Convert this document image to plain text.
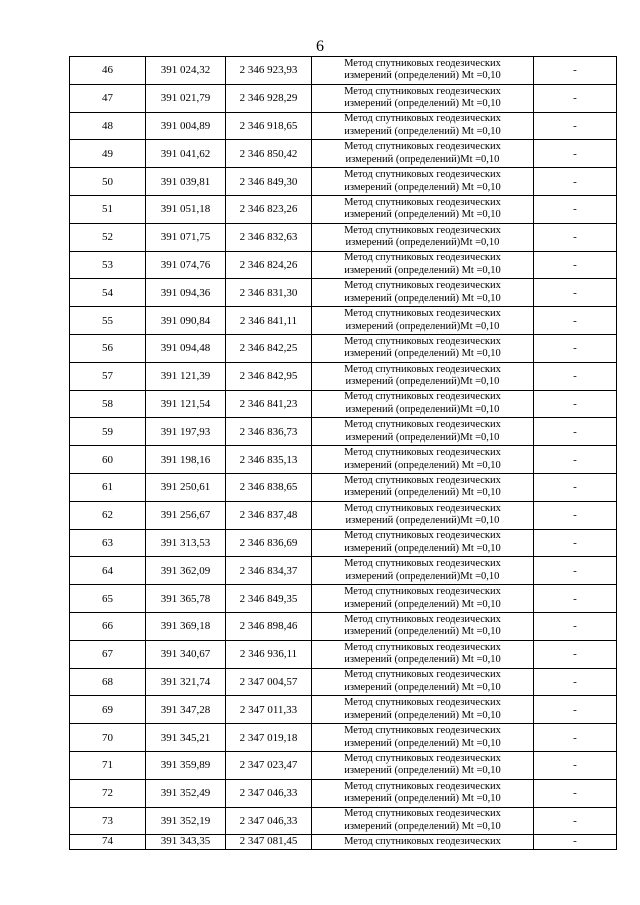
6
46	391 024,32	2 346 923,93	Метод спутниковых геодезических
измерений (определений) Mt =0,10	-
47	391 021,79	2 346 928,29	Метод спутниковых геодезических
измерений (определений) Mt =0,10	-
48	391 004,89	2 346 918,65	Метод спутниковых геодезических
измерений (определений) Mt =0,10	-
49	391 041,62	2 346 850,42	Метод спутниковых геодезических
измерений (определений)Mt =0,10	-
50	391 039,81	2 346 849,30	Метод спутниковых геодезических
измерений (определений) Mt =0,10	-
51	391 051,18	2 346 823,26	Метод спутниковых геодезических
измерений (определений) Mt =0,10	-
52	391 071,75	2 346 832,63	Метод спутниковых геодезических
измерений (определений)Mt =0,10	-
53	391 074,76	2 346 824,26	Метод спутниковых геодезических
измерений (определений) Mt =0,10	-
54	391 094,36	2 346 831,30	Метод спутниковых геодезических
измерений (определений) Mt =0,10	-
55	391 090,84	2 346 841,11	Метод спутниковых геодезических
измерений (определений)Mt =0,10	-
56	391 094,48	2 346 842,25	Метод спутниковых геодезических
измерений (определений) Mt =0,10	-
57	391 121,39	2 346 842,95	Метод спутниковых геодезических
измерений (определений)Mt =0,10	-
58	391 121,54	2 346 841,23	Метод спутниковых геодезических
измерений (определений)Mt =0,10	-
59	391 197,93	2 346 836,73	Метод спутниковых геодезических
измерений (определений)Mt =0,10	-
60	391 198,16	2 346 835,13	Метод спутниковых геодезических
измерений (определений) Mt =0,10	-
61	391 250,61	2 346 838,65	Метод спутниковых геодезических
измерений (определений) Mt =0,10	-
62	391 256,67	2 346 837,48	Метод спутниковых геодезических
измерений (определений)Mt =0,10	-
63	391 313,53	2 346 836,69	Метод спутниковых геодезических
измерений (определений) Mt =0,10	-
64	391 362,09	2 346 834,37	Метод спутниковых геодезических
измерений (определений)Mt =0,10	-
65	391 365,78	2 346 849,35	Метод спутниковых геодезических
измерений (определений) Mt =0,10	-
66	391 369,18	2 346 898,46	Метод спутниковых геодезических
измерений (определений) Mt =0,10	-
67	391 340,67	2 346 936,11	Метод спутниковых геодезических
измерений (определений) Mt =0,10	-
68	391 321,74	2 347 004,57	Метод спутниковых геодезических
измерений (определений) Mt =0,10	-
69	391 347,28	2 347 011,33	Метод спутниковых геодезических
измерений (определений) Mt =0,10	-
70	391 345,21	2 347 019,18	Метод спутниковых геодезических
измерений (определений) Mt =0,10	-
71	391 359,89	2 347 023,47	Метод спутниковых геодезических
измерений (определений) Mt =0,10	-
72	391 352,49	2 347 046,33	Метод спутниковых геодезических
измерений (определений) Mt =0,10	-
73	391 352,19	2 347 046,33	Метод спутниковых геодезических
измерений (определений) Mt =0,10	-
74	391 343,35	2 347 081,45	Метод спутниковых геодезических	-
